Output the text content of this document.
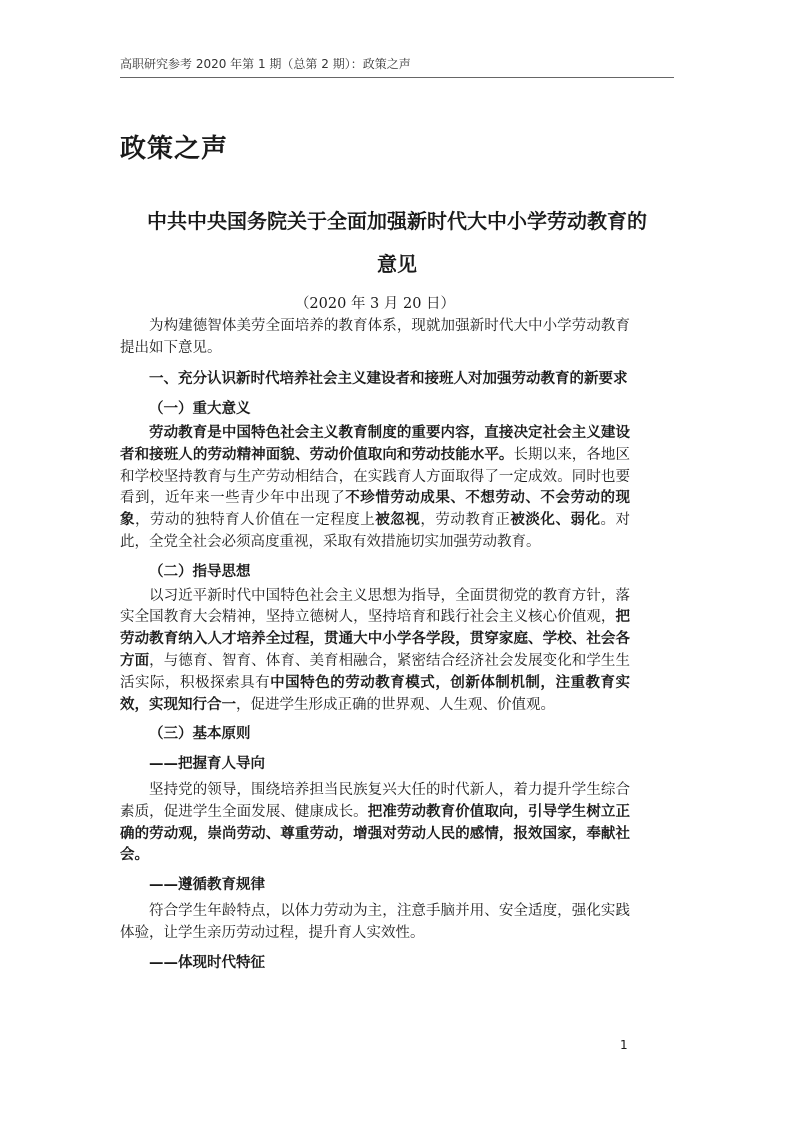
高职研究参考 2020 年第 1 期（总第 2 期）：政策之声
政策之声
中共中央国务院关于全面加强新时代大中小学劳动教育的
意见

（2020 年 3 月 20 日）

为构建德智体美劳全面培养的教育体系，现就加强新时代大中小学劳动教育提出如下意见。

一、充分认识新时代培养社会主义建设者和接班人对加强劳动教育的新要求

（一）重大意义

劳动教育是中国特色社会主义教育制度的重要内容，直接决定社会主义建设者和接班人的劳动精神面貌、劳动价值取向和劳动技能水平。长期以来，各地区和学校坚持教育与生产劳动相结合，在实践育人方面取得了一定成效。同时也要看到，近年来一些青少年中出现了不珍惜劳动成果、不想劳动、不会劳动的现象，劳动的独特育人价值在一定程度上被忽视，劳动教育正被淡化、弱化。对此，全党全社会必须高度重视，采取有效措施切实加强劳动教育。

（二）指导思想

以习近平新时代中国特色社会主义思想为指导，全面贯彻党的教育方针，落实全国教育大会精神，坚持立德树人，坚持培育和践行社会主义核心价值观，把劳动教育纳入人才培养全过程，贯通大中小学各学段，贯穿家庭、学校、社会各方面，与德育、智育、体育、美育相融合，紧密结合经济社会发展变化和学生生活实际，积极探索具有中国特色的劳动教育模式，创新体制机制，注重教育实效，实现知行合一，促进学生形成正确的世界观、人生观、价值观。

（三）基本原则

——把握育人导向

坚持党的领导，围绕培养担当民族复兴大任的时代新人，着力提升学生综合素质，促进学生全面发展、健康成长。把准劳动教育价值取向，引导学生树立正确的劳动观，崇尚劳动、尊重劳动，增强对劳动人民的感情，报效国家，奉献社会。

——遵循教育规律

符合学生年龄特点，以体力劳动为主，注意手脑并用、安全适度，强化实践体验，让学生亲历劳动过程，提升育人实效性。

——体现时代特征

1
